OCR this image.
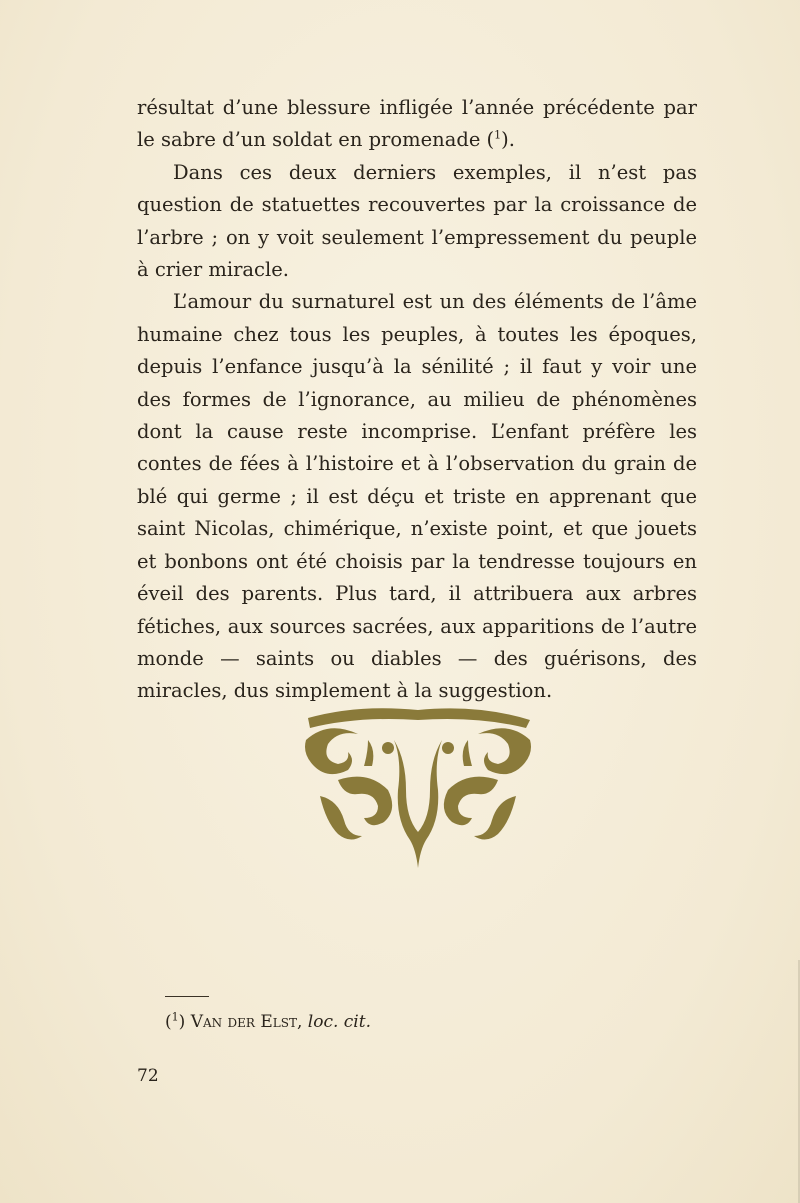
résultat d’une blessure infligée l’année précédente par le sabre d’un soldat en promenade ($^1$).

Dans ces deux derniers exemples, il n’est pas question de statuettes recouvertes par la croissance de l’arbre ; on y voit seulement l’empressement du peuple à crier miracle.

L’amour du surnaturel est un des éléments de l’âme humaine chez tous les peuples, à toutes les époques, depuis l’enfance jusqu’à la sénilité ; il faut y voir une des formes de l’ignorance, au milieu de phénomènes dont la cause reste incomprise. L’enfant préfère les contes de fées à l’histoire et à l’observation du grain de blé qui germe ; il est déçu et triste en apprenant que saint Nicolas, chimérique, n’existe point, et que jouets et bonbons ont été choisis par la tendresse toujours en éveil des parents. Plus tard, il attribuera aux arbres fétiches, aux sources sacrées, aux apparitions de l’autre monde — saints ou diables — des guérisons, des miracles, dus simplement à la suggestion.

($^1$) Van der Elst, loc. cit.
72
